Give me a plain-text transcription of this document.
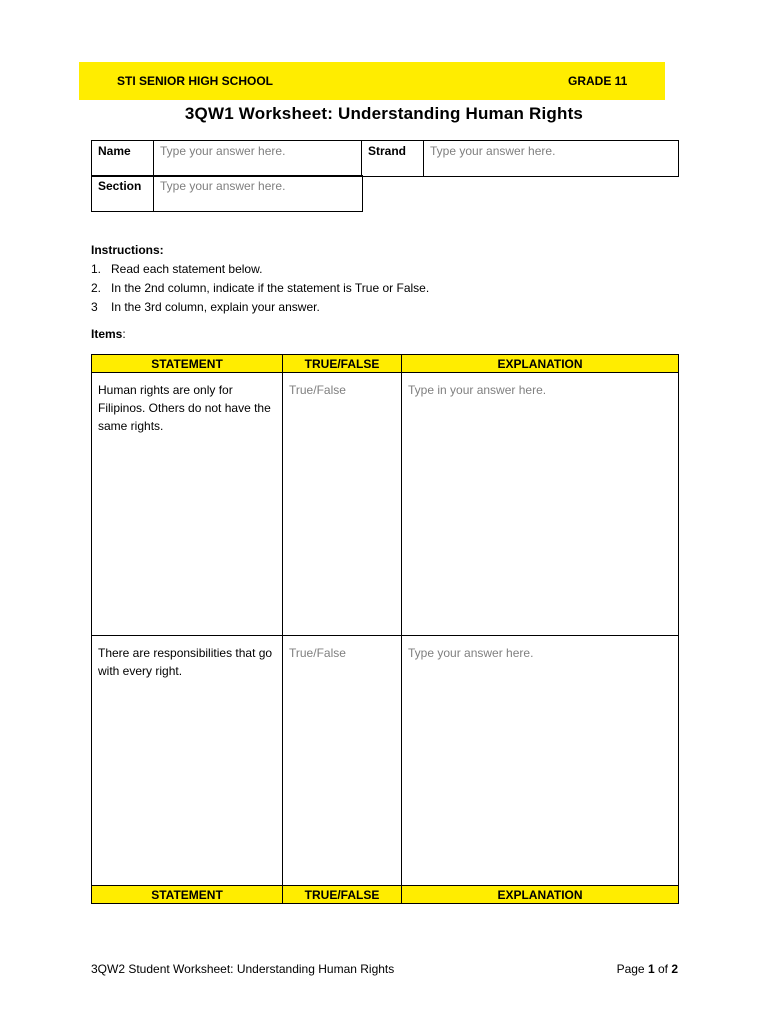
STI SENIOR HIGH SCHOOL	GRADE 11
3QW1 Worksheet: Understanding Human Rights
Name	Type your answer here.	Strand	Type your answer here.
Section	Type your answer here.
Instructions:
1. Read each statement below.
2. In the 2nd column, indicate if the statement is True or False.
3	In the 3rd column, explain your answer.
Items:
STATEMENT	TRUE/FALSE	EXPLANATION
Human rights are only for Filipinos. Others do not have the same rights.	True/False	Type in your answer here.
There are responsibilities that go with every right.	True/False	Type your answer here.
STATEMENT	TRUE/FALSE	EXPLANATION
3QW2 Student Worksheet: Understanding Human Rights	Page 1 of 2
